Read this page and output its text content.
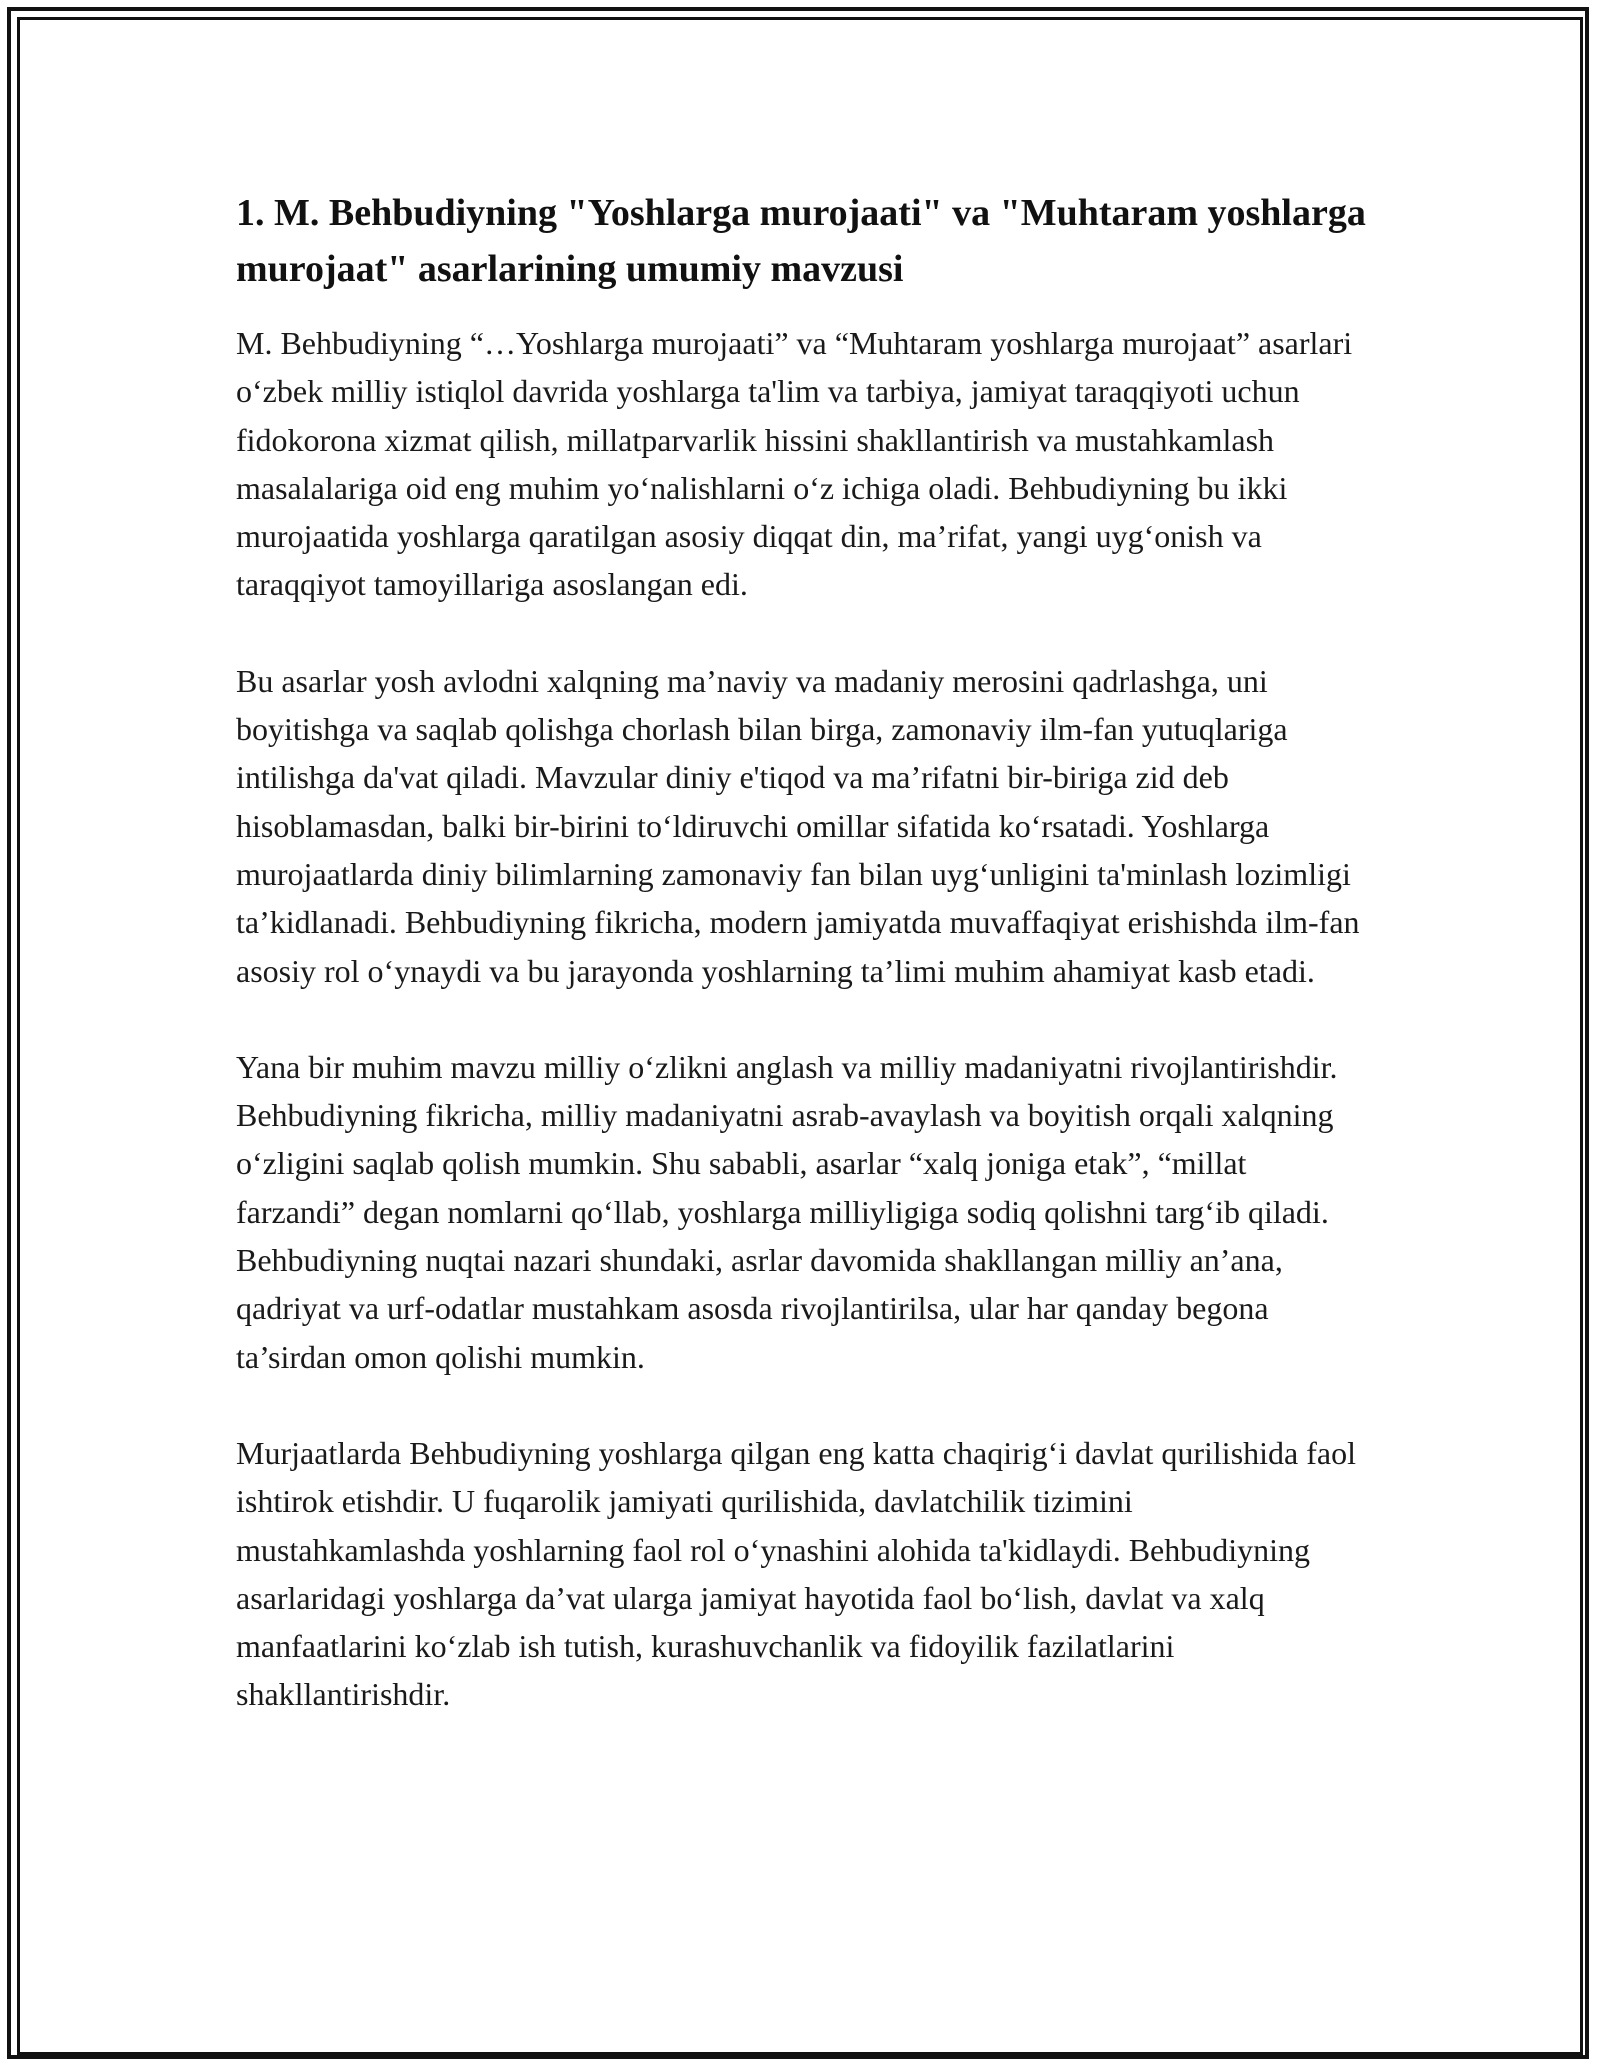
1. M. Behbudiyning "Yoshlarga murojaati" va "Muhtaram yoshlarga murojaat" asarlarining umumiy mavzusi

M. Behbudiyning “…Yoshlarga murojaati” va “Muhtaram yoshlarga murojaat” asarlari o‘zbek milliy istiqlol davrida yoshlarga ta'lim va tarbiya, jamiyat taraqqiyoti uchun fidokorona xizmat qilish, millatparvarlik hissini shakllantirish va mustahkamlash masalalariga oid eng muhim yo‘nalishlarni o‘z ichiga oladi. Behbudiyning bu ikki murojaatida yoshlarga qaratilgan asosiy diqqat din, ma’rifat, yangi uyg‘onish va taraqqiyot tamoyillariga asoslangan edi.

Bu asarlar yosh avlodni xalqning ma’naviy va madaniy merosini qadrlashga, uni boyitishga va saqlab qolishga chorlash bilan birga, zamonaviy ilm-fan yutuqlariga intilishga da'vat qiladi. Mavzular diniy e'tiqod va ma’rifatni bir-biriga zid deb hisoblamasdan, balki bir-birini to‘ldiruvchi omillar sifatida ko‘rsatadi. Yoshlarga murojaatlarda diniy bilimlarning zamonaviy fan bilan uyg‘unligini ta'minlash lozimligi ta’kidlanadi. Behbudiyning fikricha, modern jamiyatda muvaffaqiyat erishishda ilm-fan asosiy rol o‘ynaydi va bu jarayonda yoshlarning ta’limi muhim ahamiyat kasb etadi.

Yana bir muhim mavzu milliy o‘zlikni anglash va milliy madaniyatni rivojlantirishdir. Behbudiyning fikricha, milliy madaniyatni asrab-avaylash va boyitish orqali xalqning o‘zligini saqlab qolish mumkin. Shu sababli, asarlar “xalq joniga etak”, “millat farzandi” degan nomlarni qo‘llab, yoshlarga milliyligiga sodiq qolishni targ‘ib qiladi. Behbudiyning nuqtai nazari shundaki, asrlar davomida shakllangan milliy an’ana, qadriyat va urf-odatlar mustahkam asosda rivojlantirilsa, ular har qanday begona ta’sirdan omon qolishi mumkin.

Murjaatlarda Behbudiyning yoshlarga qilgan eng katta chaqirig‘i davlat qurilishida faol ishtirok etishdir. U fuqarolik jamiyati qurilishida, davlatchilik tizimini mustahkamlashda yoshlarning faol rol o‘ynashini alohida ta'kidlaydi. Behbudiyning asarlaridagi yoshlarga da’vat ularga jamiyat hayotida faol bo‘lish, davlat va xalq manfaatlarini ko‘zlab ish tutish, kurashuvchanlik va fidoyilik fazilatlarini shakllantirishdir.
